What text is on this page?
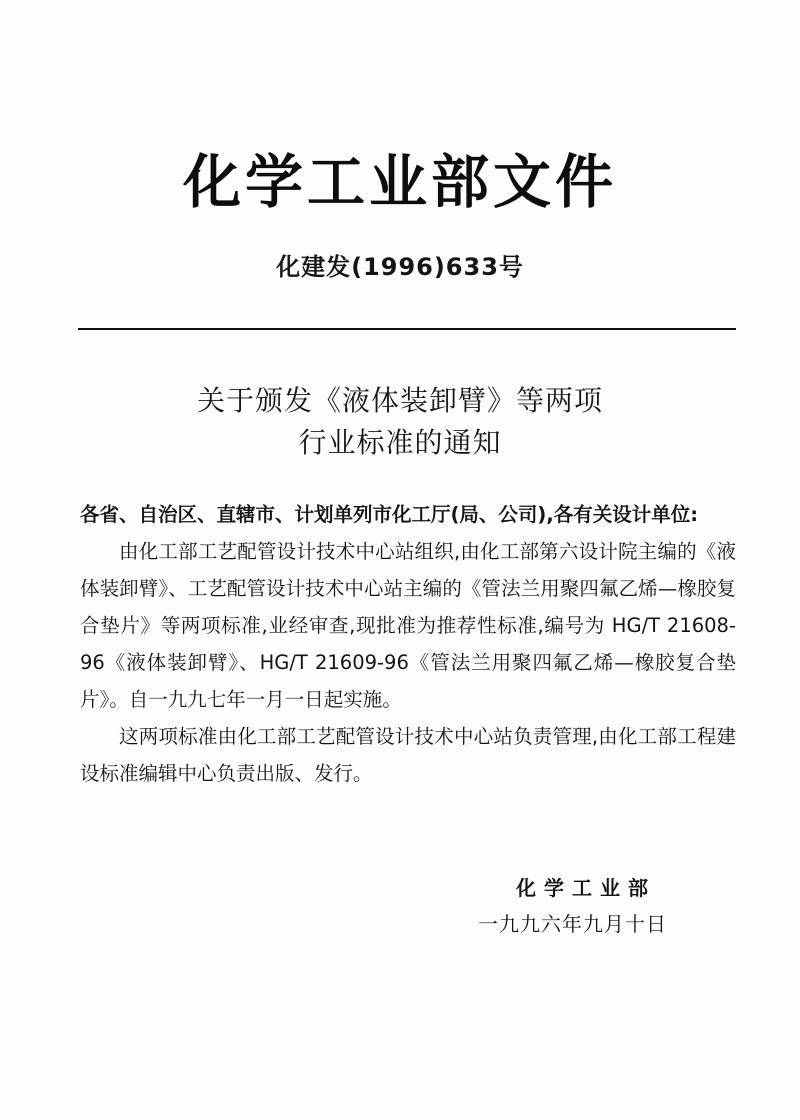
化学工业部文件
化建发(1996)633号
关于颁发《液体装卸臂》等两项
行业标准的通知

各省、自治区、直辖市、计划单列市化工厅(局、公司),各有关设计单位:

由化工部工艺配管设计技术中心站组织,由化工部第六设计院主编的《液体装卸臂》、工艺配管设计技术中心站主编的《管法兰用聚四氟乙烯—橡胶复合垫片》等两项标准,业经审查,现批准为推荐性标准,编号为 HG/T 21608-96《液体装卸臂》、HG/T 21609-96《管法兰用聚四氟乙烯—橡胶复合垫片》。自一九九七年一月一日起实施。

这两项标准由化工部工艺配管设计技术中心站负责管理,由化工部工程建设标准编辑中心负责出版、发行。

化学工业部
一九九六年九月十日
